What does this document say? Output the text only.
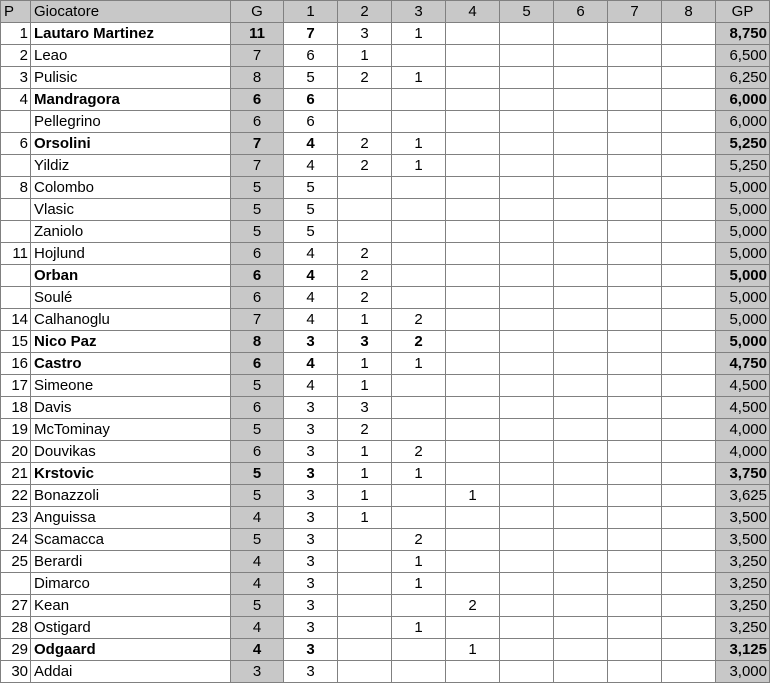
P	Giocatore	G	1	2	3	4	5	6	7	8	GP
1	Lautaro Martinez	11	7	3	1						8,750
2	Leao	7	6	1							6,500
3	Pulisic	8	5	2	1						6,250
4	Mandragora	6	6								6,000
	Pellegrino	6	6								6,000
6	Orsolini	7	4	2	1						5,250
	Yildiz	7	4	2	1						5,250
8	Colombo	5	5								5,000
	Vlasic	5	5								5,000
	Zaniolo	5	5								5,000
11	Hojlund	6	4	2							5,000
	Orban	6	4	2							5,000
	Soulé	6	4	2							5,000
14	Calhanoglu	7	4	1	2						5,000
15	Nico Paz	8	3	3	2						5,000
16	Castro	6	4	1	1						4,750
17	Simeone	5	4	1							4,500
18	Davis	6	3	3							4,500
19	McTominay	5	3	2							4,000
20	Douvikas	6	3	1	2						4,000
21	Krstovic	5	3	1	1						3,750
22	Bonazzoli	5	3	1		1					3,625
23	Anguissa	4	3	1							3,500
24	Scamacca	5	3		2						3,500
25	Berardi	4	3		1						3,250
	Dimarco	4	3		1						3,250
27	Kean	5	3			2					3,250
28	Ostigard	4	3		1						3,250
29	Odgaard	4	3			1					3,125
30	Addai	3	3								3,000
